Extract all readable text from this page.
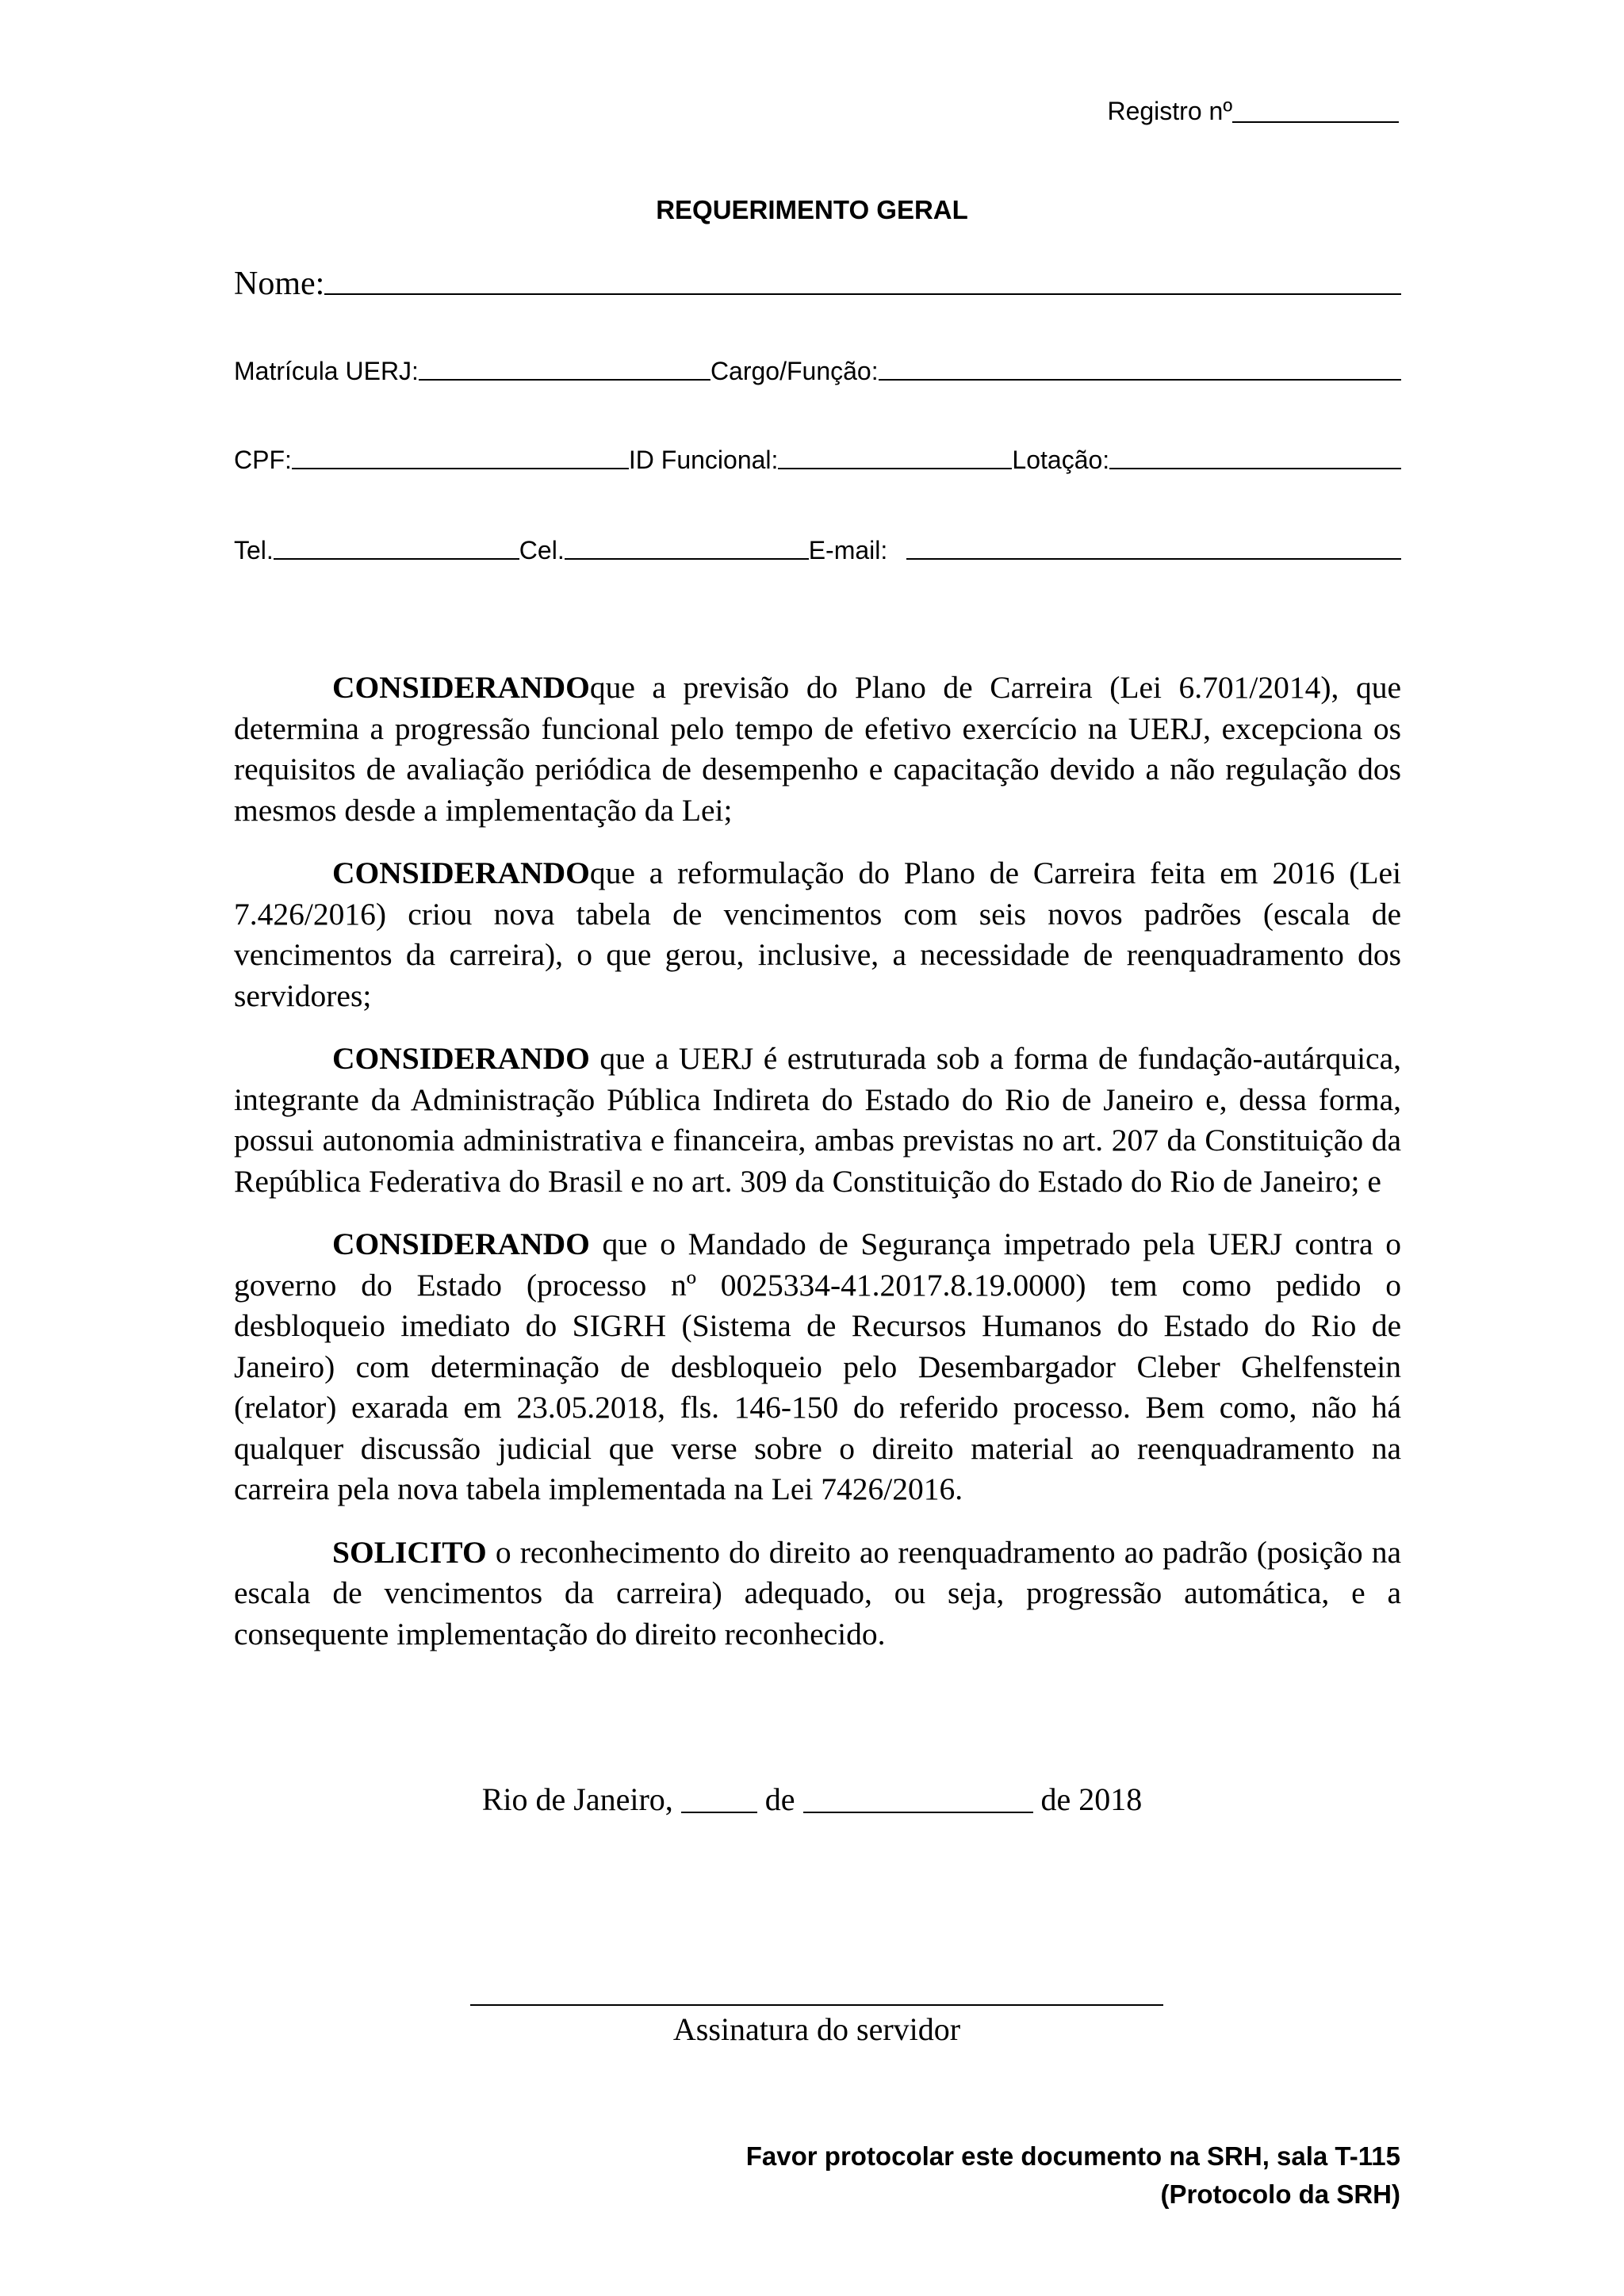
Registro nº
REQUERIMENTO GERAL
Nome:
Matrícula UERJ:	Cargo/Função:
CPF:	ID Funcional:	Lotação:
Tel.	Cel.	E-mail:

CONSIDERANDOque a previsão do Plano de Carreira (Lei 6.701/2014), que determina a progressão funcional pelo tempo de efetivo exercício na UERJ, excepciona os requisitos de avaliação periódica de desempenho e capacitação devido a não regulação dos mesmos desde a implementação da Lei;

CONSIDERANDOque a reformulação do Plano de Carreira feita em 2016 (Lei 7.426/2016) criou nova tabela de vencimentos com seis novos padrões (escala de vencimentos da carreira), o que gerou, inclusive, a necessidade de reenquadramento dos servidores;

CONSIDERANDO que a UERJ é estruturada sob a forma de fundação-autárquica, integrante da Administração Pública Indireta do Estado do Rio de Janeiro e, dessa forma, possui autonomia administrativa e financeira, ambas previstas no art. 207 da Constituição da República Federativa do Brasil e no art. 309 da Constituição do Estado do Rio de Janeiro; e

CONSIDERANDO que o Mandado de Segurança impetrado pela UERJ contra o governo do Estado (processo nº 0025334-41.2017.8.19.0000) tem como pedido o desbloqueio imediato do SIGRH (Sistema de Recursos Humanos do Estado do Rio de Janeiro) com determinação de desbloqueio pelo Desembargador Cleber Ghelfenstein (relator) exarada em 23.05.2018, fls. 146-150 do referido processo. Bem como, não há qualquer discussão judicial que verse sobre o direito material ao reenquadramento na carreira pela nova tabela implementada na Lei 7426/2016.

SOLICITO o reconhecimento do direito ao reenquadramento ao padrão (posição na escala de vencimentos da carreira) adequado, ou seja, progressão automática, e a consequente implementação do direito reconhecido.

Rio de Janeiro,	de	de 2018
Assinatura do servidor
Favor protocolar este documento na SRH, sala T-115
(Protocolo da SRH)
